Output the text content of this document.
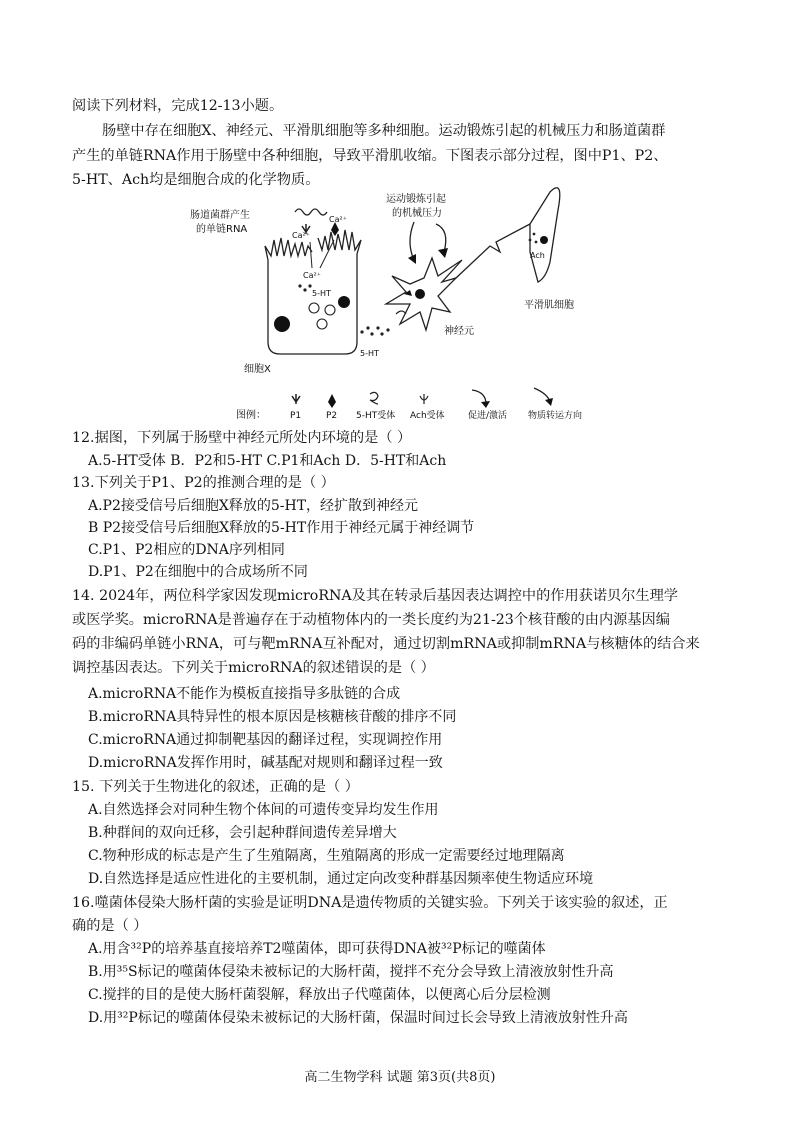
阅读下列材料，完成12-13小题。
肠壁中存在细胞X、神经元、平滑肌细胞等多种细胞。运动锻炼引起的机械压力和肠道菌群
产生的单链RNA作用于肠壁中各种细胞，导致平滑肌收缩。下图表示部分过程，图中P1、P2、
5-HT、Ach均是细胞合成的化学物质。
肠道菌群产生
的单链RNA
Ca²⁺
Ca²⁺
Ca²⁺
5-HT
5-HT
细胞X
运动锻炼引起
的机械压力
神经元
Ach
平滑肌细胞
图例：	P1	P2 5-HT受体 Ach受体	促进/激活 物质转运方向
12.据图，下列属于肠壁中神经元所处内环境的是（ ）
A.5-HT受体 B．P2和5-HT C.P1和Ach D．5-HT和Ach
13.下列关于P1、P2的推测合理的是（ ）
A.P2接受信号后细胞X释放的5-HT，经扩散到神经元
B P2接受信号后细胞X释放的5-HT作用于神经元属于神经调节
C.P1、P2相应的DNA序列相同
D.P1、P2在细胞中的合成场所不同
14. 2024年，两位科学家因发现microRNA及其在转录后基因表达调控中的作用获诺贝尔生理学
或医学奖。microRNA是普遍存在于动植物体内的一类长度约为21-23个核苷酸的由内源基因编
码的非编码单链小RNA，可与靶mRNA互补配对，通过切割mRNA或抑制mRNA与核糖体的结合来
调控基因表达。下列关于microRNA的叙述错误的是（ ）
A.microRNA不能作为模板直接指导多肽链的合成
B.microRNA具特异性的根本原因是核糖核苷酸的排序不同
C.microRNA通过抑制靶基因的翻译过程，实现调控作用
D.microRNA发挥作用时，碱基配对规则和翻译过程一致
15. 下列关于生物进化的叙述，正确的是（ ）
A.自然选择会对同种生物个体间的可遗传变异均发生作用
B.种群间的双向迁移，会引起种群间遗传差异增大
C.物种形成的标志是产生了生殖隔离，生殖隔离的形成一定需要经过地理隔离
D.自然选择是适应性进化的主要机制，通过定向改变种群基因频率使生物适应环境
16.噬菌体侵染大肠杆菌的实验是证明DNA是遗传物质的关键实验。下列关于该实验的叙述，正
确的是（ ）
A.用含³²P的培养基直接培养T2噬菌体，即可获得DNA被³²P标记的噬菌体
B.用³⁵S标记的噬菌体侵染未被标记的大肠杆菌，搅拌不充分会导致上清液放射性升高
C.搅拌的目的是使大肠杆菌裂解，释放出子代噬菌体，以便离心后分层检测
D.用³²P标记的噬菌体侵染未被标记的大肠杆菌，保温时间过长会导致上清液放射性升高
高二生物学科 试题 第3页(共8页)
